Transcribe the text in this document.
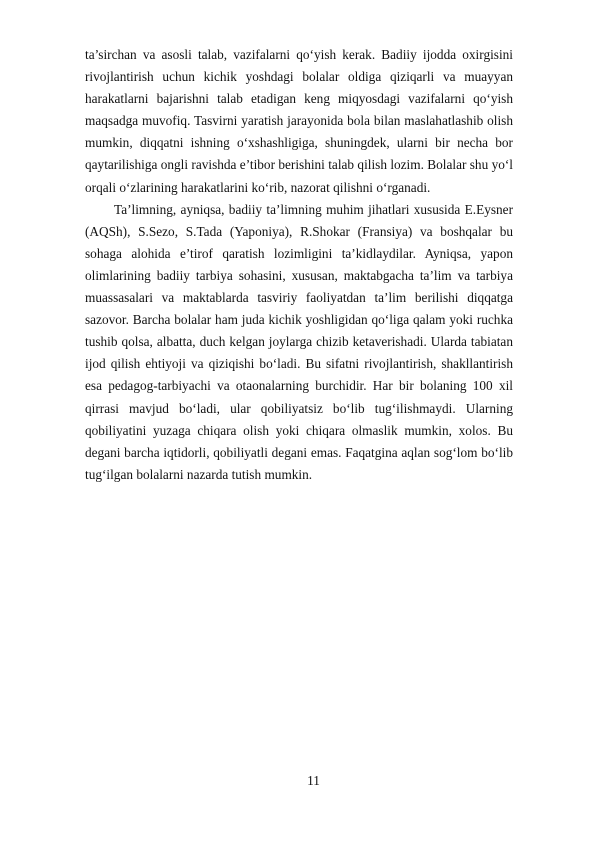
ta’sirchan va asosli talab, vazifalarni qo‘yish kerak. Badiiy ijodda oxirgisini rivojlantirish uchun kichik yoshdagi bolalar oldiga qiziqarli va muayyan harakatlarni bajarishni talab etadigan keng miqyosdagi vazifalarni qo‘yish maqsadga muvofiq. Tasvirni yaratish jarayonida bola bilan maslahatlashib olish mumkin, diqqatni ishning o‘xshashligiga, shuningdek, ularni bir necha bor qaytarilishiga ongli ravishda e’tibor berishini talab qilish lozim. Bolalar shu yo‘l orqali o‘zlarining harakatlarini ko‘rib, nazorat qilishni o‘rganadi.

Ta’limning, ayniqsa, badiiy ta’limning muhim jihatlari xususida E.Eysner (AQSh), S.Sezo, S.Tada (Yaponiya), R.Shokar (Fransiya) va boshqalar bu sohaga alohida e’tirof qaratish lozimligini ta’kidlaydilar. Ayniqsa, yapon olimlarining badiiy tarbiya sohasini, xususan, maktabgacha ta’lim va tarbiya muassasalari va maktablarda tasviriy faoliyatdan ta’lim berilishi diqqatga sazovor. Barcha bolalar ham juda kichik yoshligidan qo‘liga qalam yoki ruchka tushib qolsa, albatta, duch kelgan joylarga chizib ketaverishadi. Ularda tabiatan ijod qilish ehtiyoji va qiziqishi bo‘ladi. Bu sifatni rivojlantirish, shakllantirish esa pedagog-tarbiyachi va otaonalarning burchidir. Har bir bolaning 100 xil qirrasi mavjud bo‘ladi, ular qobiliyatsiz bo‘lib tug‘ilishmaydi. Ularning qobiliyatini yuzaga chiqara olish yoki chiqara olmaslik mumkin, xolos. Bu degani barcha iqtidorli, qobiliyatli degani emas. Faqatgina aqlan sog‘lom bo‘lib tug‘ilgan bolalarni nazarda tutish mumkin.

11
